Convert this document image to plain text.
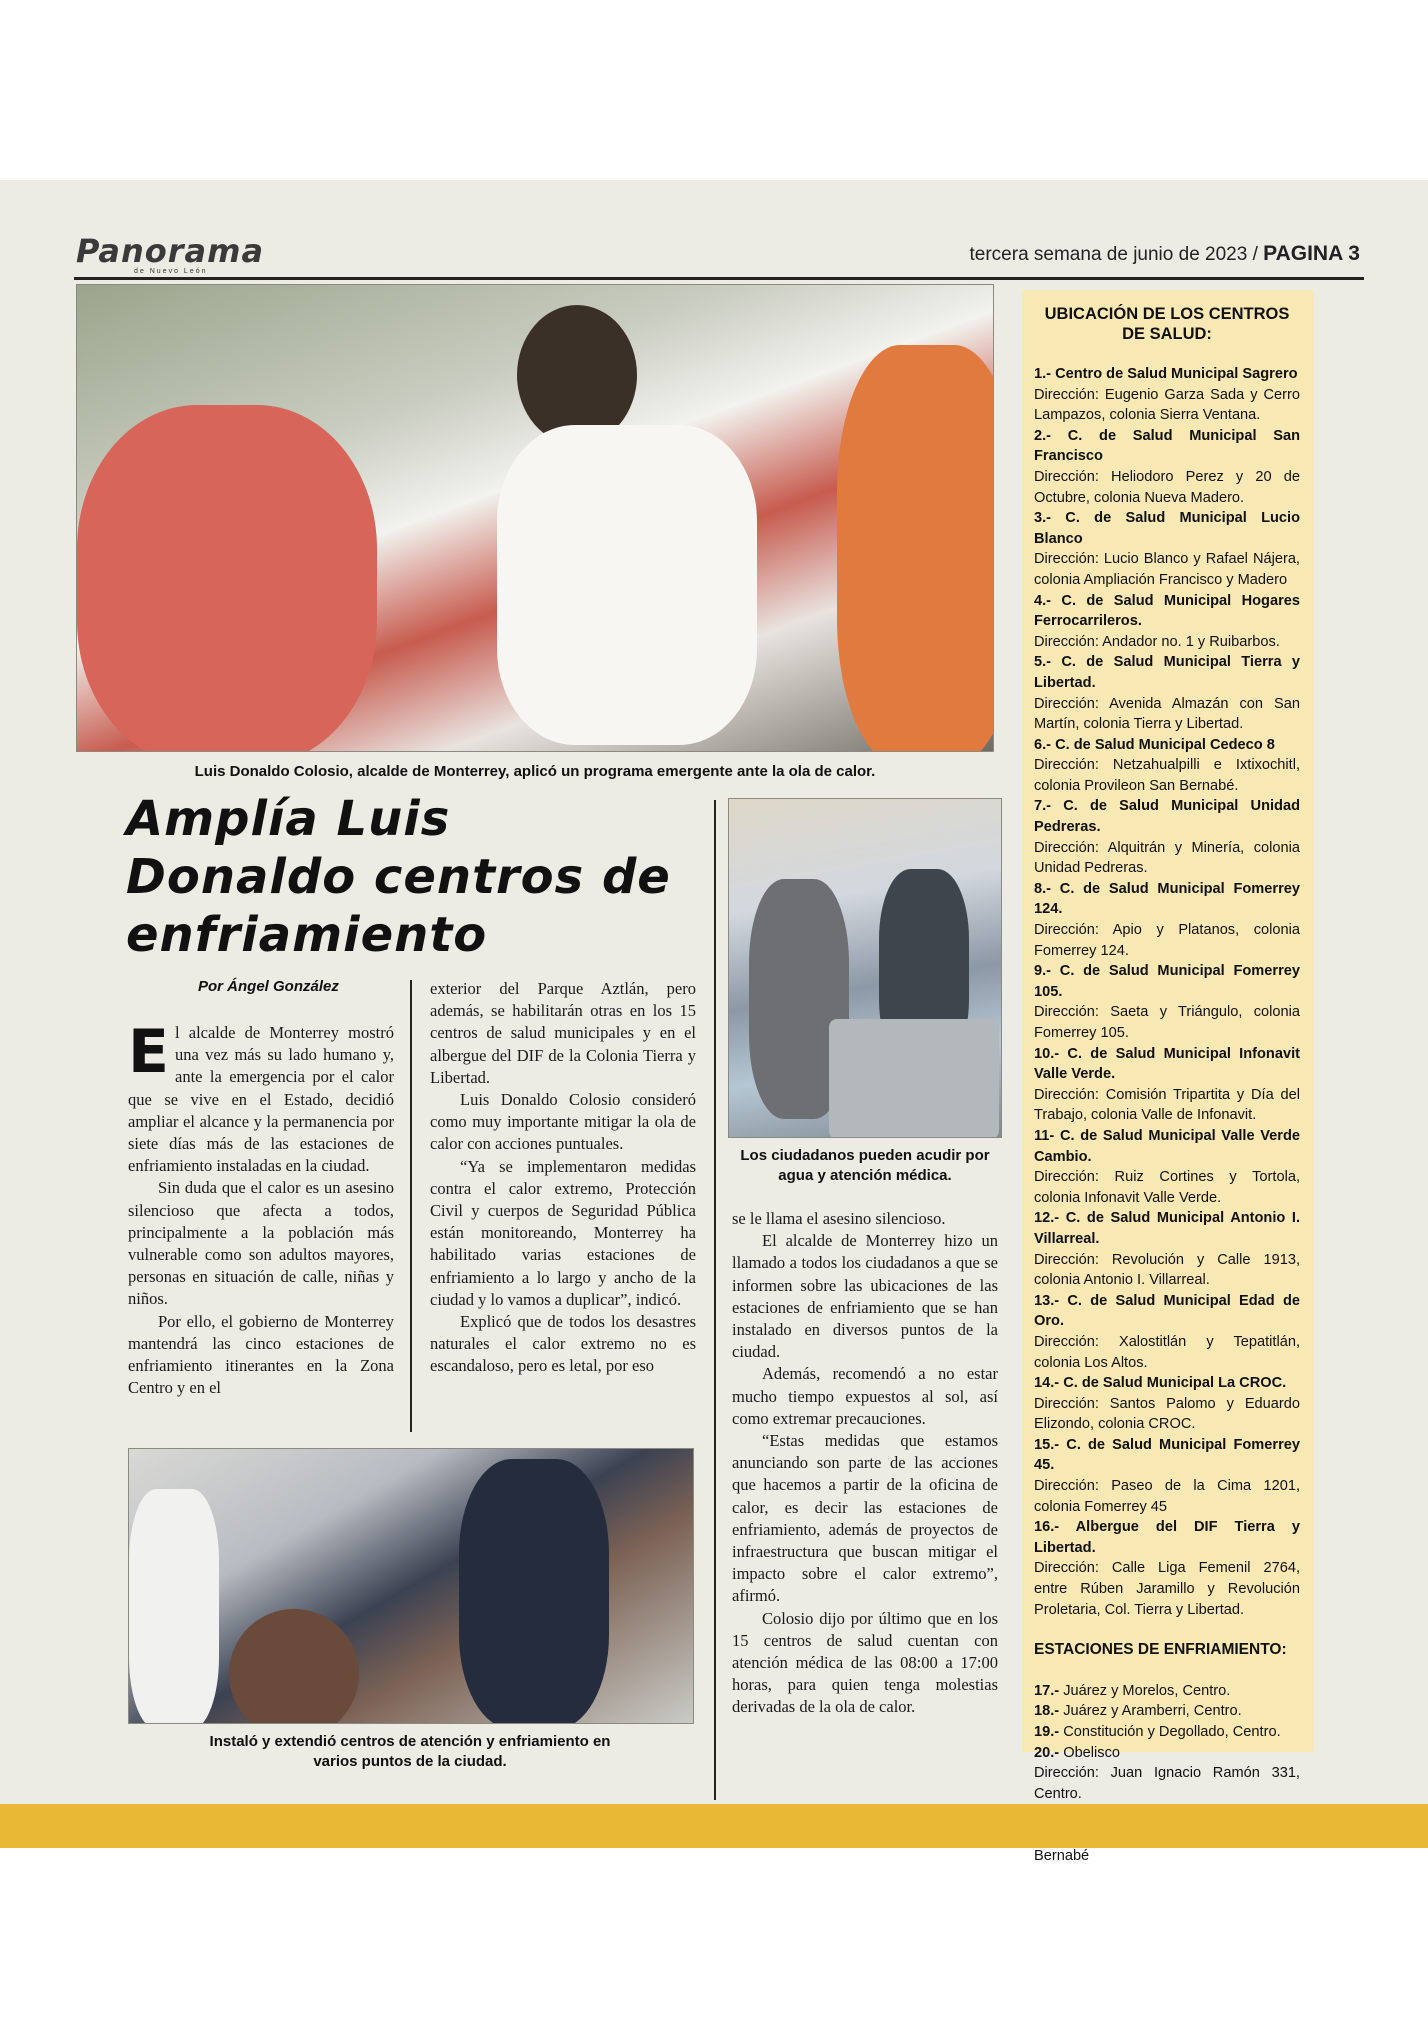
Panorama
de Nuevo León
tercera semana de junio de 2023 / PAGINA 3
Luis Donaldo Colosio, alcalde de Monterrey, aplicó un programa emergente ante la ola de calor.
Amplía Luis Donaldo centros de enfriamiento
Por Ángel González

El alcalde de Monterrey mostró una vez más su lado humano y, ante la emergencia por el calor que se vive en el Estado, decidió ampliar el alcance y la permanencia por siete días más de las estaciones de enfriamiento instaladas en la ciudad.

Sin duda que el calor es un asesino silencioso que afecta a todos, principalmente a la población más vulnerable como son adultos mayores, personas en situación de calle, niñas y niños.

Por ello, el gobierno de Monterrey mantendrá las cinco estaciones de enfriamiento itinerantes en la Zona Centro y en el

exterior del Parque Aztlán, pero además, se habilitarán otras en los 15 centros de salud municipales y en el albergue del DIF de la Colonia Tierra y Libertad.

Luis Donaldo Colosio consideró como muy importante mitigar la ola de calor con acciones puntuales.

“Ya se implementaron medidas contra el calor extremo, Protección Civil y cuerpos de Seguridad Pública están monitoreando, Monterrey ha habilitado varias estaciones de enfriamiento a lo largo y ancho de la ciudad y lo vamos a duplicar”, indicó.

Explicó que de todos los desastres naturales el calor extremo no es escandaloso, pero es letal, por eso

Los ciudadanos pueden acudir por agua y atención médica.

se le llama el asesino silencioso.

El alcalde de Monterrey hizo un llamado a todos los ciudadanos a que se informen sobre las ubicaciones de las estaciones de enfriamiento que se han instalado en diversos puntos de la ciudad.

Además, recomendó a no estar mucho tiempo expuestos al sol, así como extremar precauciones.

“Estas medidas que estamos anunciando son parte de las acciones que hacemos a partir de la oficina de calor, es decir las estaciones de enfriamiento, además de proyectos de infraestructura que buscan mitigar el impacto sobre el calor extremo”, afirmó.

Colosio dijo por último que en los 15 centros de salud cuentan con atención médica de las 08:00 a 17:00 horas, para quien tenga molestias derivadas de la ola de calor.

Instaló y extendió centros de atención y enfriamiento en varios puntos de la ciudad.
UBICACIÓN DE LOS CENTROS DE SALUD:
1.- Centro de Salud Municipal Sagrero
Dirección: Eugenio Garza Sada y Cerro Lampazos, colonia Sierra Ventana.
2.- C. de Salud Municipal San Francisco
Dirección: Heliodoro Perez y 20 de Octubre, colonia Nueva Madero.
3.- C. de Salud Municipal Lucio Blanco
Dirección: Lucio Blanco y Rafael Nájera, colonia Ampliación Francisco y Madero
4.- C. de Salud Municipal Hogares Ferrocarrileros.
Dirección: Andador no. 1 y Ruibarbos.
5.- C. de Salud Municipal Tierra y Libertad.
Dirección: Avenida Almazán con San Martín, colonia Tierra y Libertad.
6.- C. de Salud Municipal Cedeco 8
Dirección: Netzahualpilli e Ixtixochitl, colonia Provileon San Bernabé.
7.- C. de Salud Municipal Unidad Pedreras.
Dirección: Alquitrán y Minería, colonia Unidad Pedreras.
8.- C. de Salud Municipal Fomerrey 124.
Dirección: Apio y Platanos, colonia Fomerrey 124.
9.- C. de Salud Municipal Fomerrey 105.
Dirección: Saeta y Triángulo, colonia Fomerrey 105.
10.- C. de Salud Municipal Infonavit Valle Verde.
Dirección: Comisión Tripartita y Día del Trabajo, colonia Valle de Infonavit.
11- C. de Salud Municipal Valle Verde Cambio.
Dirección: Ruiz Cortines y Tortola, colonia Infonavit Valle Verde.
12.- C. de Salud Municipal Antonio I. Villarreal.
Dirección: Revolución y Calle 1913, colonia Antonio I. Villarreal.
13.- C. de Salud Municipal Edad de Oro.
Dirección: Xalostitlán y Tepatitlán, colonia Los Altos.
14.- C. de Salud Municipal La CROC.
Dirección: Santos Palomo y Eduardo Elizondo, colonia CROC.
15.- C. de Salud Municipal Fomerrey 45.
Dirección: Paseo de la Cima 1201, colonia Fomerrey 45
16.- Albergue del DIF Tierra y Libertad.
Dirección: Calle Liga Femenil 2764, entre Rúben Jaramillo y Revolución Proletaria, Col. Tierra y Libertad.
ESTACIONES DE ENFRIAMIENTO:
17.- Juárez y Morelos, Centro.
18.- Juárez y Aramberri, Centro.
19.- Constitución y Degollado, Centro.
20.- Obelisco
Dirección: Juan Ignacio Ramón 331, Centro.
Bernabé
